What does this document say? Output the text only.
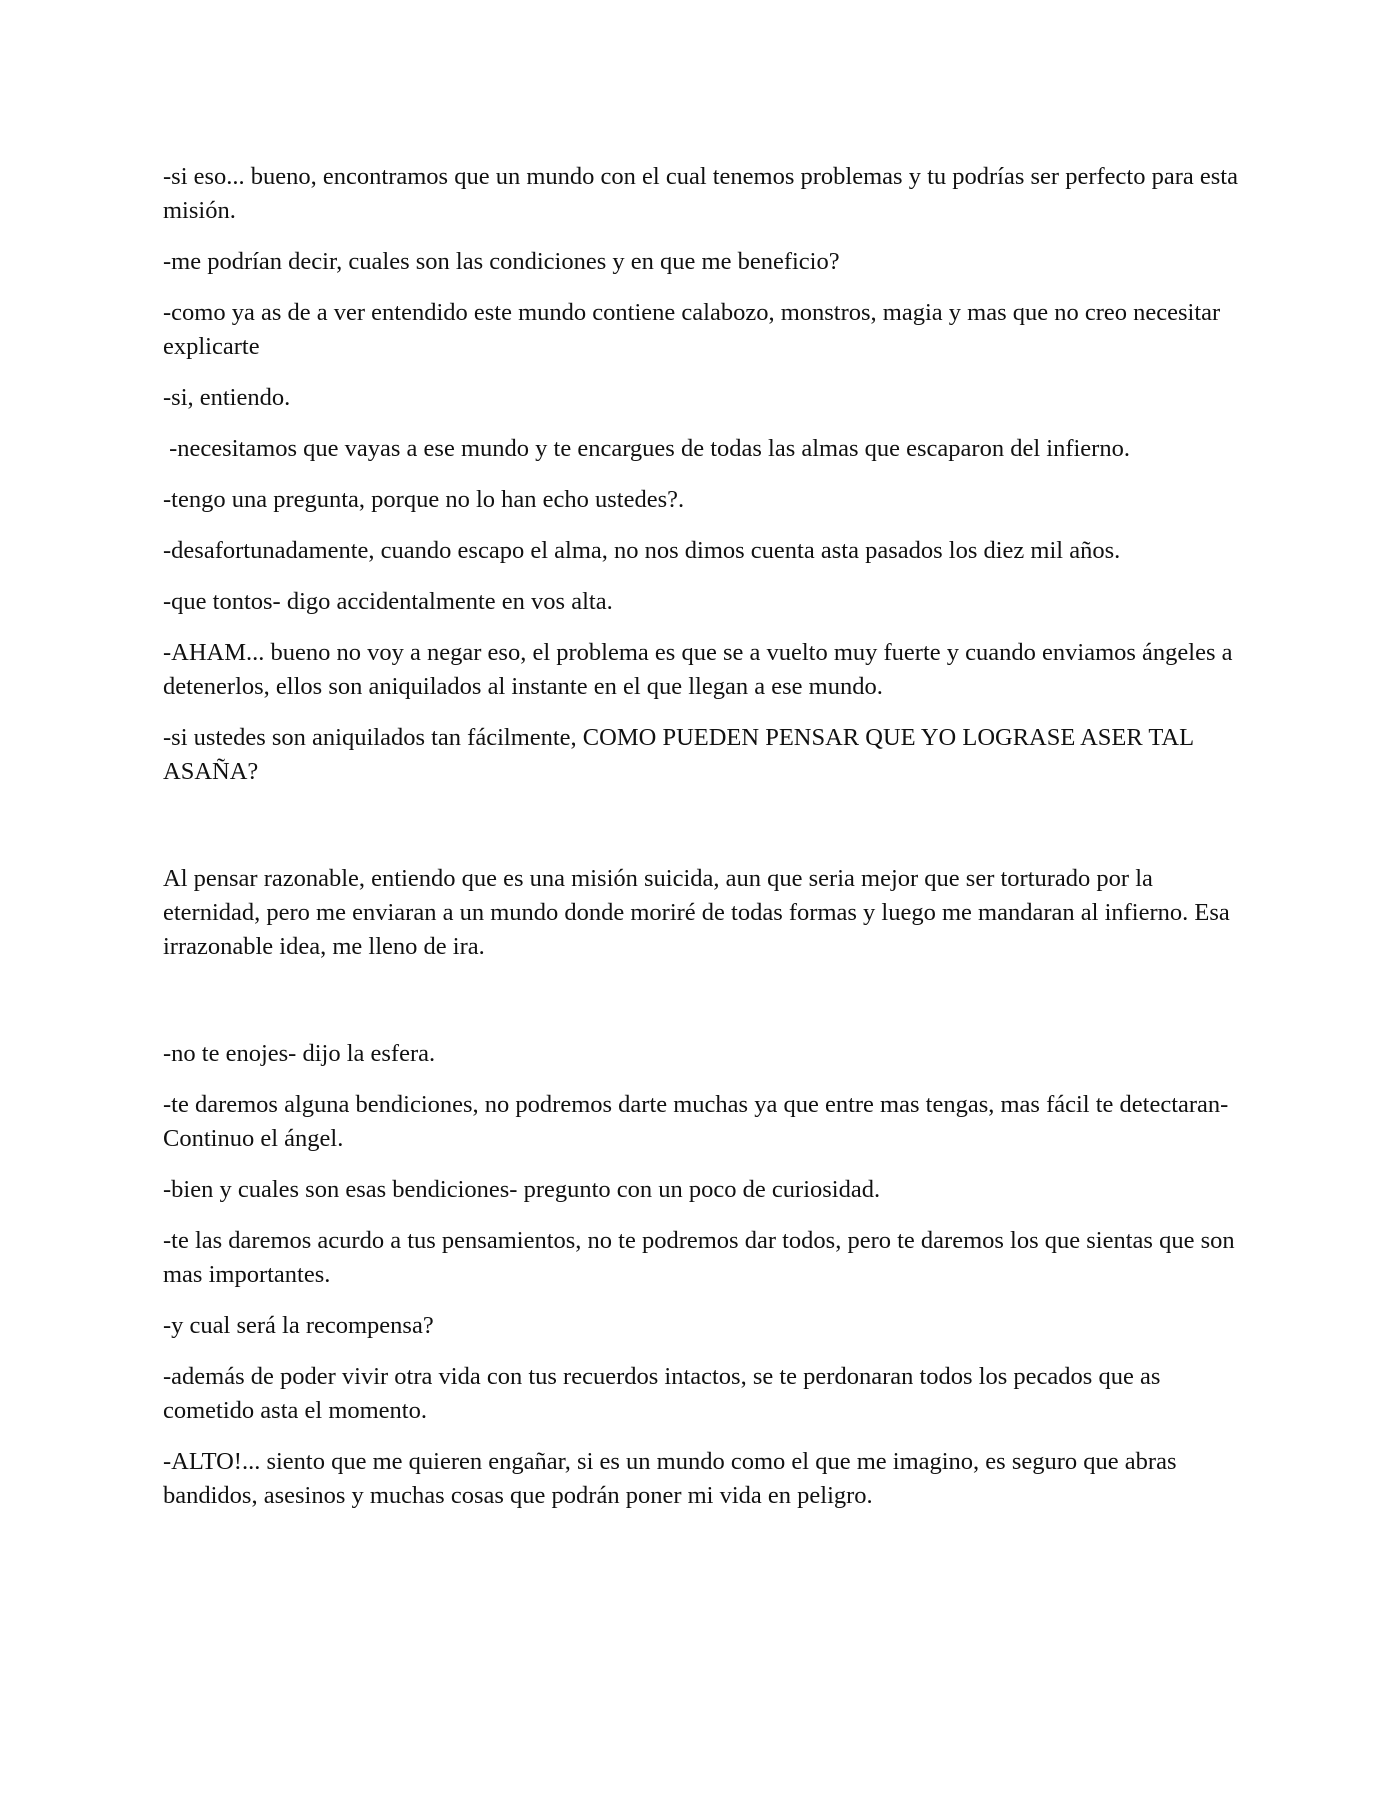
-si eso... bueno, encontramos que un mundo con el cual tenemos problemas y tu podrías ser perfecto para esta misión.

-me podrían decir, cuales son las condiciones y en que me beneficio?

-como ya as de a ver entendido este mundo contiene calabozo, monstros, magia y mas que no creo necesitar explicarte

-si, entiendo.

-necesitamos que vayas a ese mundo y te encargues de todas las almas que escaparon del infierno.

-tengo una pregunta, porque no lo han echo ustedes?.

-desafortunadamente, cuando escapo el alma, no nos dimos cuenta asta pasados los diez mil años.

-que tontos- digo accidentalmente en vos alta.

-AHAM... bueno no voy a negar eso, el problema es que se a vuelto muy fuerte y cuando enviamos ángeles a detenerlos, ellos son aniquilados al instante en el que llegan a ese mundo.

-si ustedes son aniquilados tan fácilmente, COMO PUEDEN PENSAR QUE YO LOGRASE ASER TAL ASAÑA?

Al pensar razonable, entiendo que es una misión suicida, aun que seria mejor que ser torturado por la eternidad, pero me enviaran a un mundo donde moriré de todas formas y luego me mandaran al infierno. Esa irrazonable idea, me lleno de ira.

-no te enojes- dijo la esfera.

-te daremos alguna bendiciones, no podremos darte muchas ya que entre mas tengas, mas fácil te detectaran- Continuo el ángel.

-bien y cuales son esas bendiciones- pregunto con un poco de curiosidad.

-te las daremos acurdo a tus pensamientos, no te podremos dar todos, pero te daremos los que sientas que son mas importantes.

-y cual será la recompensa?

-además de poder vivir otra vida con tus recuerdos intactos, se te perdonaran todos los pecados que as cometido asta el momento.

-ALTO!... siento que me quieren engañar, si es un mundo como el que me imagino, es seguro que abras bandidos, asesinos y muchas cosas que podrán poner mi vida en peligro.
